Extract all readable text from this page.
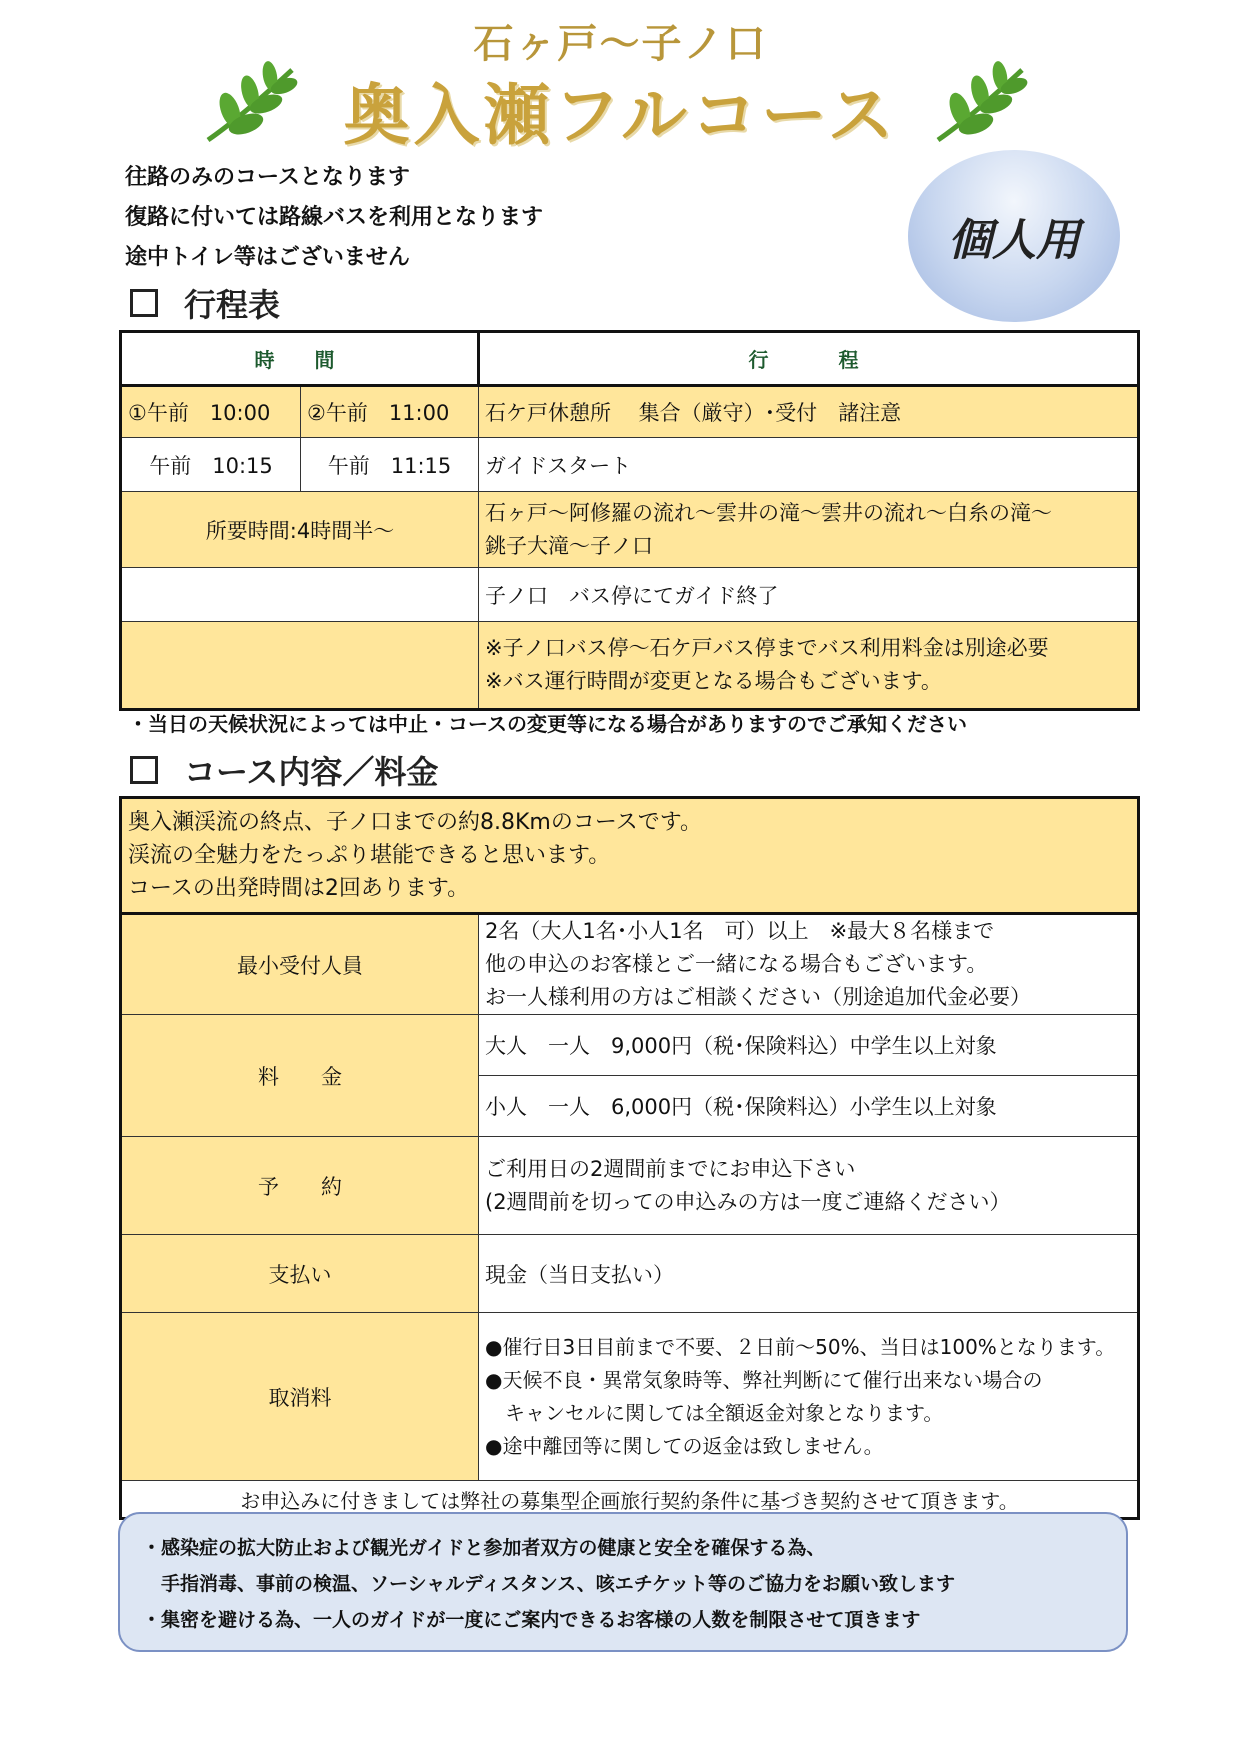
石ヶ戸〜子ノ口
奥入瀬フルコース
往路のみのコースとなります
復路に付いては路線バスを利用となります
途中トイレ等はございません	個人用
行程表
時　間		行　　程
①午前　10:00	②午前　11:00	石ケ戸休憩所　 集合（厳守）･受付　諸注意
午前　10:15	午前　11:15	ガイドスタート
所要時間:4時間半〜		石ヶ戸〜阿修羅の流れ〜雲井の滝〜雲井の流れ〜白糸の滝〜
銚子大滝〜子ノ口

		子ノ口　バス停にてガイド終了

		※子ノ口バス停〜石ケ戸バス停までバス利用料金は別途必要
※バス運行時間が変更となる場合もございます。
・当日の天候状況によっては中止・コースの変更等になる場合がありますのでご承知ください
コース内容／料金
奥入瀬渓流の終点、子ノ口までの約8.8Kmのコースです。
渓流の全魅力をたっぷり堪能できると思います。
コースの出発時間は2回あります。	

最小受付人員	2名（大人1名･小人1名　可）以上　※最大８名様まで
他の申込のお客様とご一緒になる場合もございます。
お一人様利用の方はご相談ください（別途追加代金必要）

料　　金	大人　一人　9,000円（税･保険料込）中学生以上対象
	小人　一人　6,000円（税･保険料込）小学生以上対象
予　　約	ご利用日の2週間前までにお申込下さい
(2週間前を切っての申込みの方は一度ご連絡ください）

支払い	現金（当日支払い）
取消料	●催行日3日目前まで不要、２日前〜50%、当日は100%となります。
●天候不良・異常気象時等、弊社判断にて催行出来ない場合の
　キャンセルに関しては全額返金対象となります。
●途中離団等に関しての返金は致しません。

お申込みに付きましては弊社の募集型企画旅行契約条件に基づき契約させて頂きます。	
・感染症の拡大防止および観光ガイドと参加者双方の健康と安全を確保する為、
　手指消毒、事前の検温、ソーシャルディスタンス、咳エチケット等のご協力をお願い致します
・集密を避ける為、一人のガイドが一度にご案内できるお客様の人数を制限させて頂きます
